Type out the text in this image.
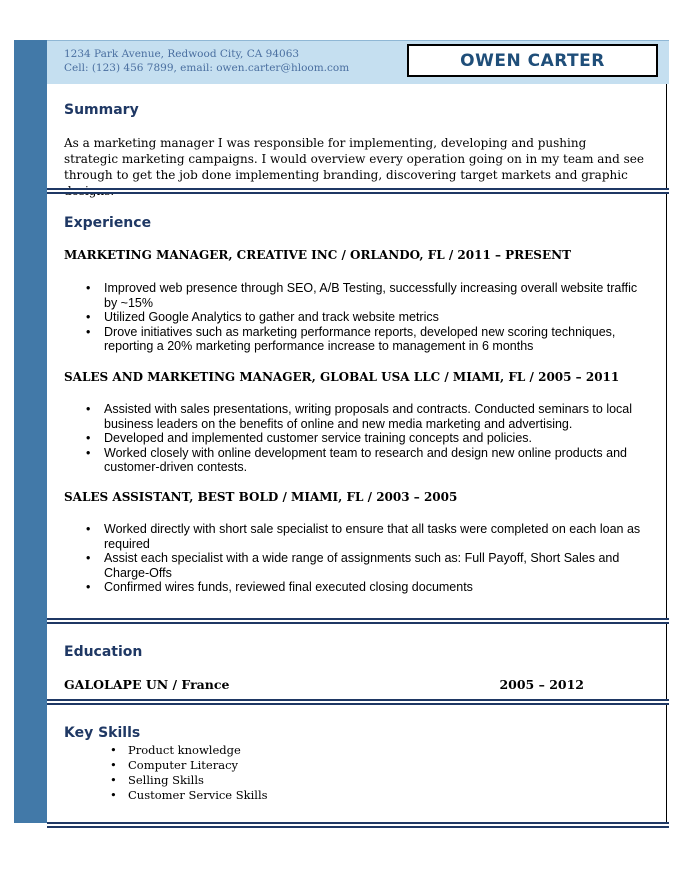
1234 Park Avenue, Redwood City, CA 94063
Cell: (123) 456 7899, email: owen.carter@hloom.com	OWEN CARTER
Summary
As a marketing manager I was responsible for implementing, developing and pushing strategic marketing campaigns. I would overview every operation going on in my team and see through to get the job done implementing branding, discovering target markets and graphic
Experience
MARKETING MANAGER, CREATIVE INC / ORLANDO, FL / 2011 – PRESENT
• Improved web presence through SEO, A/B Testing, successfully increasing overall website traffic by ~15%
• Utilized Google Analytics to gather and track website metrics
• Drove initiatives such as marketing performance reports, developed new scoring techniques, reporting a 20% marketing performance increase to management in 6 months
SALES AND MARKETING MANAGER, GLOBAL USA LLC / MIAMI, FL / 2005 – 2011
• Assisted with sales presentations, writing proposals and contracts. Conducted seminars to local business leaders on the benefits of online and new media marketing and advertising.
• Developed and implemented customer service training concepts and policies.
• Worked closely with online development team to research and design new online products and customer-driven contests.
SALES ASSISTANT, BEST BOLD / MIAMI, FL / 2003 – 2005
• Worked directly with short sale specialist to ensure that all tasks were completed on each loan as required
• Assist each specialist with a wide range of assignments such as: Full Payoff, Short Sales and Charge-Offs
• Confirmed wires funds, reviewed final executed closing documents
Education
GALOLAPE UN / France	2005 – 2012
Key Skills
• Product knowledge
• Computer Literacy
• Selling Skills
• Customer Service Skills
